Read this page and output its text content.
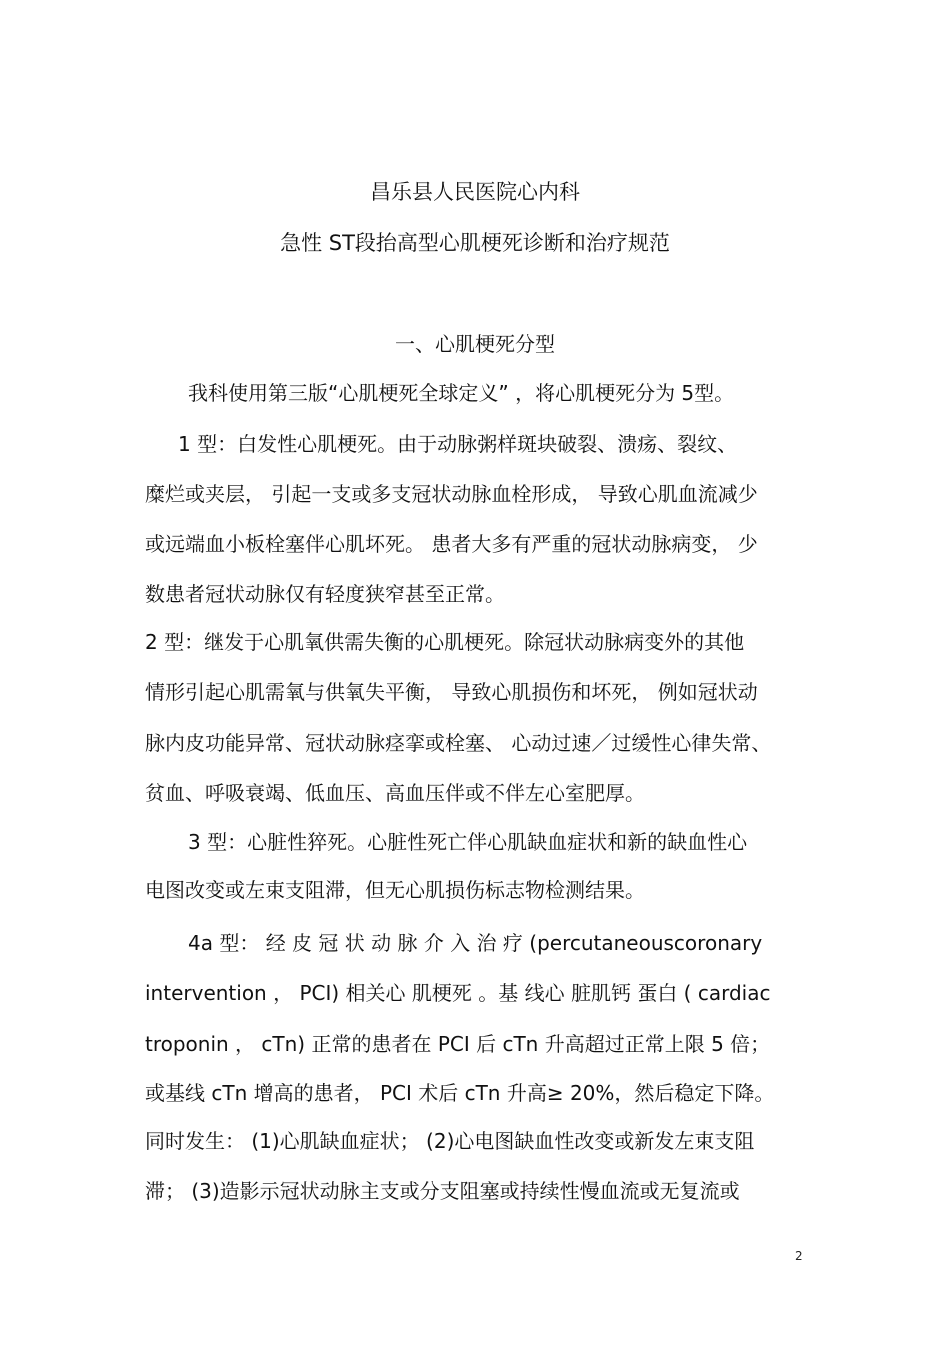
昌乐县人民医院心内科
急性 ST段抬高型心肌梗死诊断和治疗规范
一、心肌梗死分型
我科使用第三版“心肌梗死全球定义” ，将心肌梗死分为 5型。
1 型：白发性心肌梗死。由于动脉粥样斑块破裂、溃疡、裂纹、
糜烂或夹层， 引起一支或多支冠状动脉血栓形成， 导致心肌血流减少
或远端血小板栓塞伴心肌坏死。 患者大多有严重的冠状动脉病变， 少
数患者冠状动脉仅有轻度狭窄甚至正常。
2 型：继发于心肌氧供需失衡的心肌梗死。除冠状动脉病变外的其他
情形引起心肌需氧与供氧失平衡， 导致心肌损伤和坏死， 例如冠状动
脉内皮功能异常、冠状动脉痉挛或栓塞、 心动过速／过缓性心律失常、
贫血、呼吸衰竭、低血压、高血压伴或不伴左心室肥厚。
3 型：心脏性猝死。心脏性死亡伴心肌缺血症状和新的缺血性心
电图改变或左束支阻滞，但无心肌损伤标志物检测结果。
4a 型： 经 皮 冠 状 动 脉 介 入 治 疗 (percutaneouscoronary
intervention ， PCI) 相关心 肌梗死 。基 线心 脏肌钙 蛋白 ( cardiac
troponin ， cTn) 正常的患者在 PCI 后 cTn 升高超过正常上限 5 倍；
或基线 cTn 增高的患者， PCI 术后 cTn 升高≥ 20%，然后稳定下降。
同时发生： (1)心肌缺血症状； (2)心电图缺血性改变或新发左束支阻
滞； (3)造影示冠状动脉主支或分支阻塞或持续性慢血流或无复流或
2
